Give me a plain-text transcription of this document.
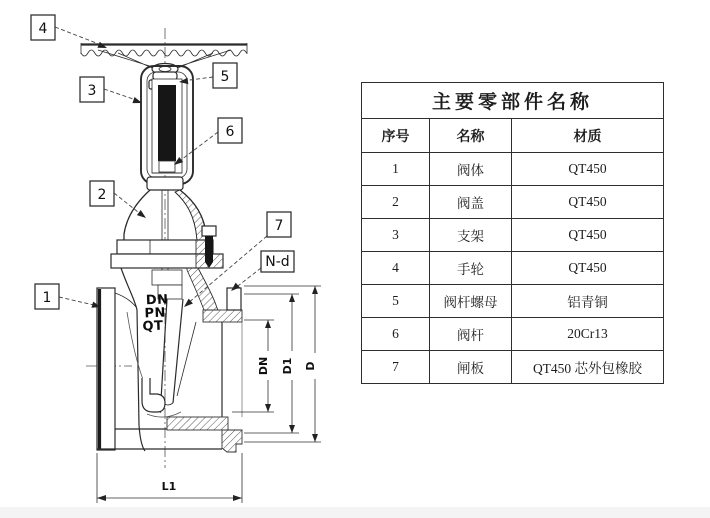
DN
PN
QT
DN D1 D
L1
4
3
5
6
2
7
1
N-d
主要零部件名称		
序号	名称	材质
1	阀体	QT450
2	阀盖	QT450
3	支架	QT450
4	手轮	QT450
5	阀杆螺母	铝青铜
6	阀杆	20Cr13
7	闸板	QT450 芯外包橡胶
